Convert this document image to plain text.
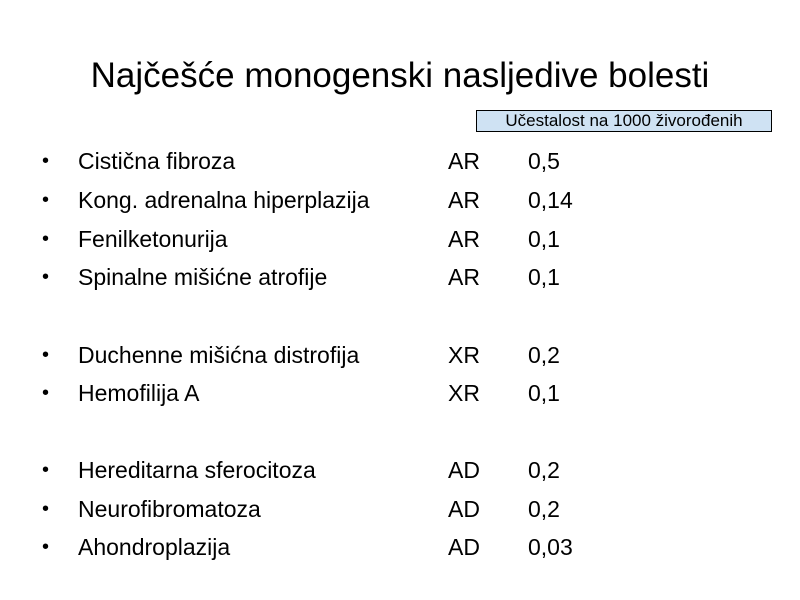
Najčešće monogenski nasljedive bolesti
Učestalost na 1000 živorođenih
• Cistična fibroza	AR 0,5
• Kong. adrenalna hiperplazija	AR 0,14
• Fenilketonurija	AR 0,1
• Spinalne mišićne atrofije	AR 0,1
• Duchenne mišićna distrofija	XR 0,2
• Hemofilija A	XR 0,1
• Hereditarna sferocitoza	AD 0,2
• Neurofibromatoza	AD 0,2
• Ahondroplazija	AD 0,03
